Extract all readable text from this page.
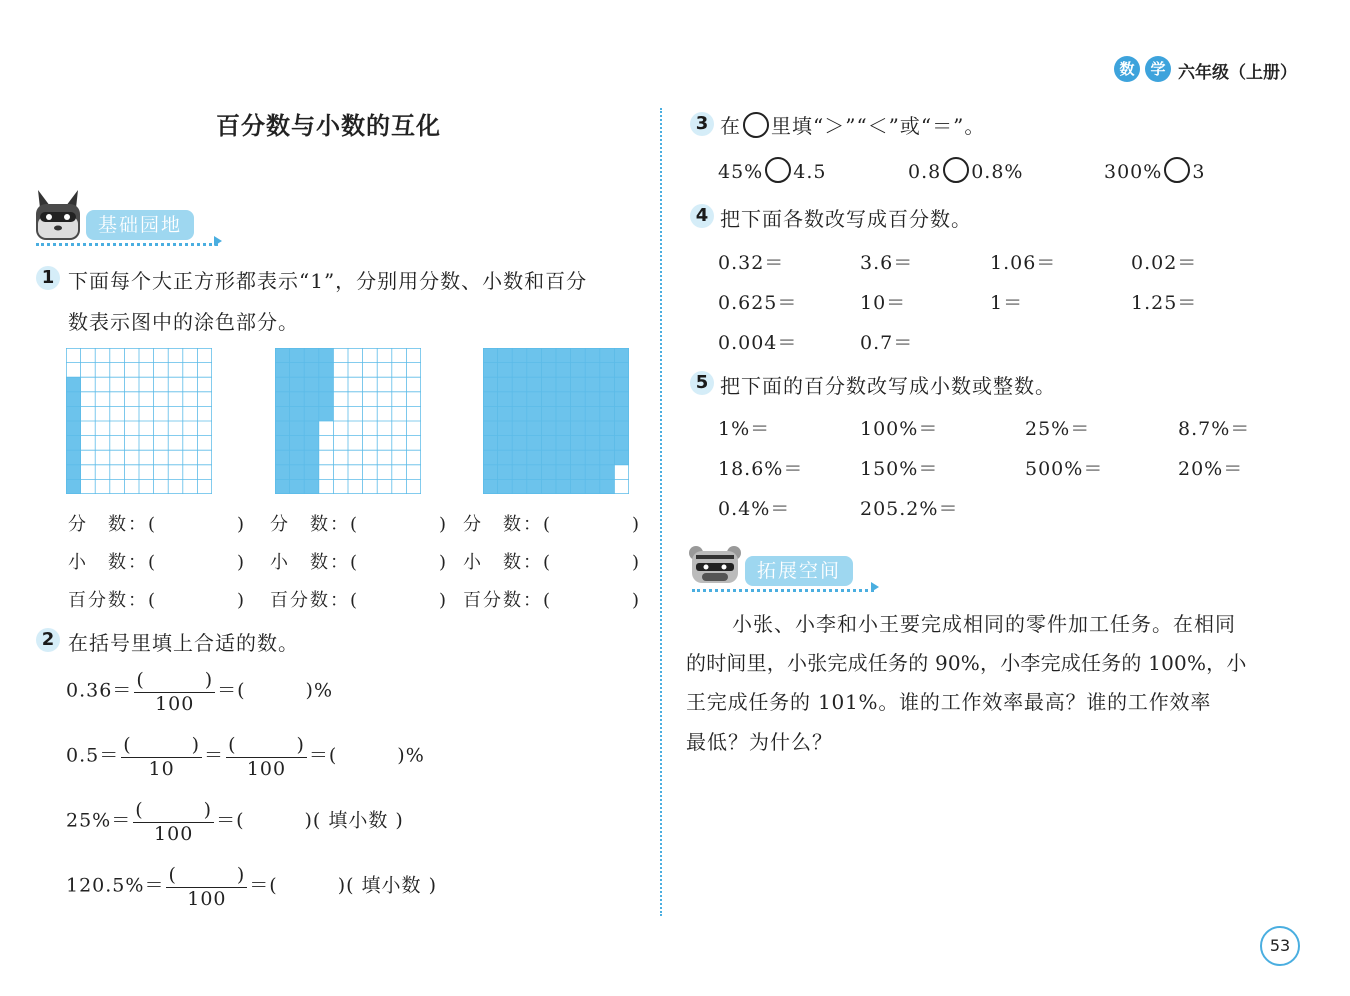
数	学 六年级（上册）
百分数与小数的互化
基础园地
1 下面每个大正方形都表示“1”，分别用分数、小数和百分
数表示图中的涂色部分。
分　数：(　　　　)
小　数：(　　　　)
百分数：(　　　　)
分　数：(　　　　)
小　数：(　　　　)
百分数：(　　　　)
分　数：(　　　　)
小　数：(　　　　)
百分数：(　　　　)
2 在括号里填上合适的数。
$0.36= \frac{( )}{100}$ ＝(　　　)%
$0.5= \frac{( )}{10} = \frac{( )}{100}$ ＝(　　　)%
$25\%= \frac{( )}{100}$ ＝(　　　)( 填小数 )
$120.5\%= \frac{( )}{100}$ ＝(　　　)( 填小数 )
3 在 里填“＞”“＜”或“＝”。
45% 4.5	0.8 0.8%	300% 3
4 把下面各数改写成百分数。
0.32＝	3.6＝	1.06＝	0.02＝
0.625＝	10＝	1＝	1.25＝
0.004＝	0.7＝
5 把下面的百分数改写成小数或整数。
1%＝	100%＝	25%＝	8.7%＝
18.6%＝	150%＝	500%＝	20%＝
0.4%＝	205.2%＝
拓展空间
小张、小李和小王要完成相同的零件加工任务。在相同
的时间里，小张完成任务的 90%，小李完成任务的 100%，小
王完成任务的 101%。谁的工作效率最高？谁的工作效率
最低？为什么？
53
